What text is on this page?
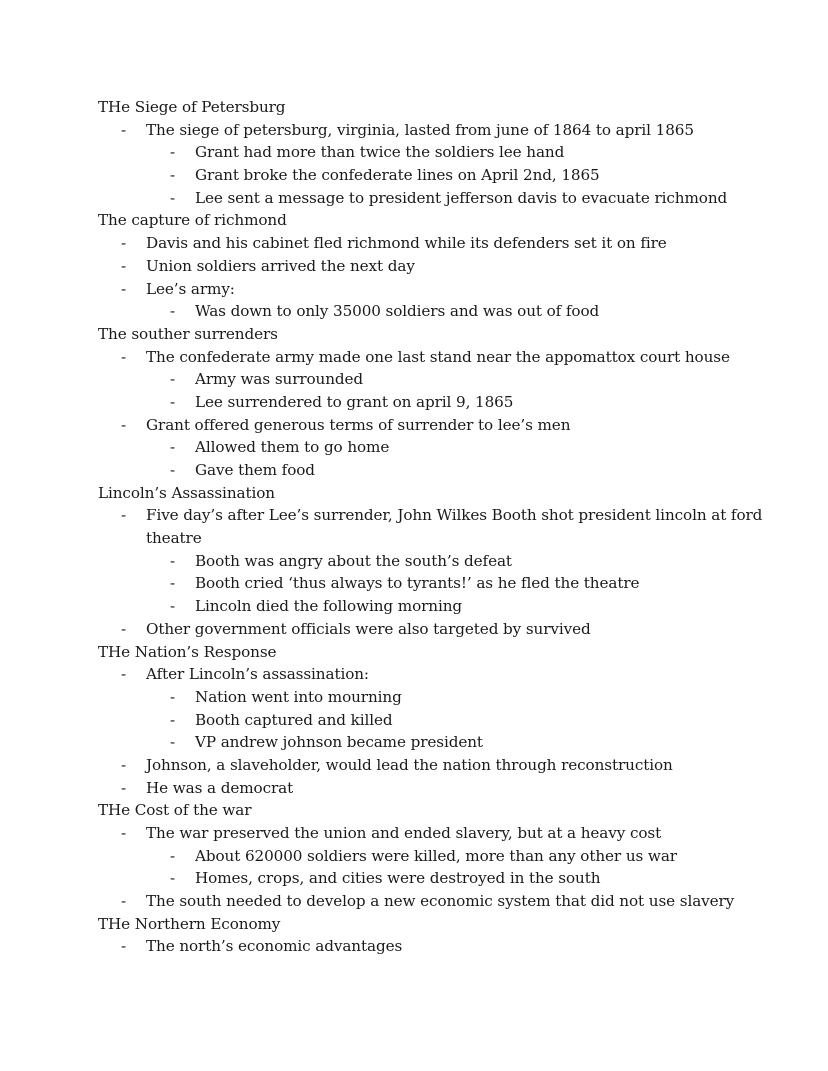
THe Siege of Petersburg
- The siege of petersburg, virginia, lasted from june of 1864 to april 1865
- Grant had more than twice the soldiers lee hand
- Grant broke the confederate lines on April 2nd, 1865
- Lee sent a message to president jefferson davis to evacuate richmond
The capture of richmond
- Davis and his cabinet fled richmond while its defenders set it on fire
- Union soldiers arrived the next day
- Lee’s army:
- Was down to only 35000 soldiers and was out of food
The souther surrenders
- The confederate army made one last stand near the appomattox court house
- Army was surrounded
- Lee surrendered to grant on april 9, 1865
- Grant offered generous terms of surrender to lee’s men
- Allowed them to go home
- Gave them food
Lincoln’s Assassination
- Five day’s after Lee’s surrender, John Wilkes Booth shot president lincoln at ford
theatre
- Booth was angry about the south’s defeat
- Booth cried ‘thus always to tyrants!’ as he fled the theatre
- Lincoln died the following morning
- Other government officials were also targeted by survived
THe Nation’s Response
- After Lincoln’s assassination:
- Nation went into mourning
- Booth captured and killed
- VP andrew johnson became president
- Johnson, a slaveholder, would lead the nation through reconstruction
- He was a democrat
THe Cost of the war
- The war preserved the union and ended slavery, but at a heavy cost
- About 620000 soldiers were killed, more than any other us war
- Homes, crops, and cities were destroyed in the south
- The south needed to develop a new economic system that did not use slavery
THe Northern Economy
- The north’s economic advantages
